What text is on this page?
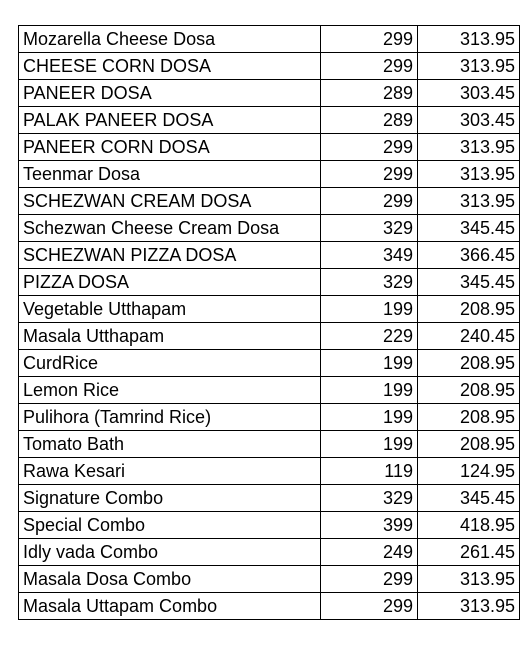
Mozarella Cheese Dosa	299	313.95
CHEESE CORN DOSA	299	313.95
PANEER DOSA	289	303.45
PALAK PANEER DOSA	289	303.45
PANEER CORN DOSA	299	313.95
Teenmar Dosa	299	313.95
SCHEZWAN CREAM DOSA	299	313.95
Schezwan Cheese Cream Dosa	329	345.45
SCHEZWAN PIZZA DOSA	349	366.45
PIZZA DOSA	329	345.45
Vegetable Utthapam	199	208.95
Masala Utthapam	229	240.45
CurdRice	199	208.95
Lemon Rice	199	208.95
Pulihora (Tamrind Rice)	199	208.95
Tomato Bath	199	208.95
Rawa Kesari	119	124.95
Signature Combo	329	345.45
Special Combo	399	418.95
Idly vada Combo	249	261.45
Masala Dosa Combo	299	313.95
Masala Uttapam Combo	299	313.95
